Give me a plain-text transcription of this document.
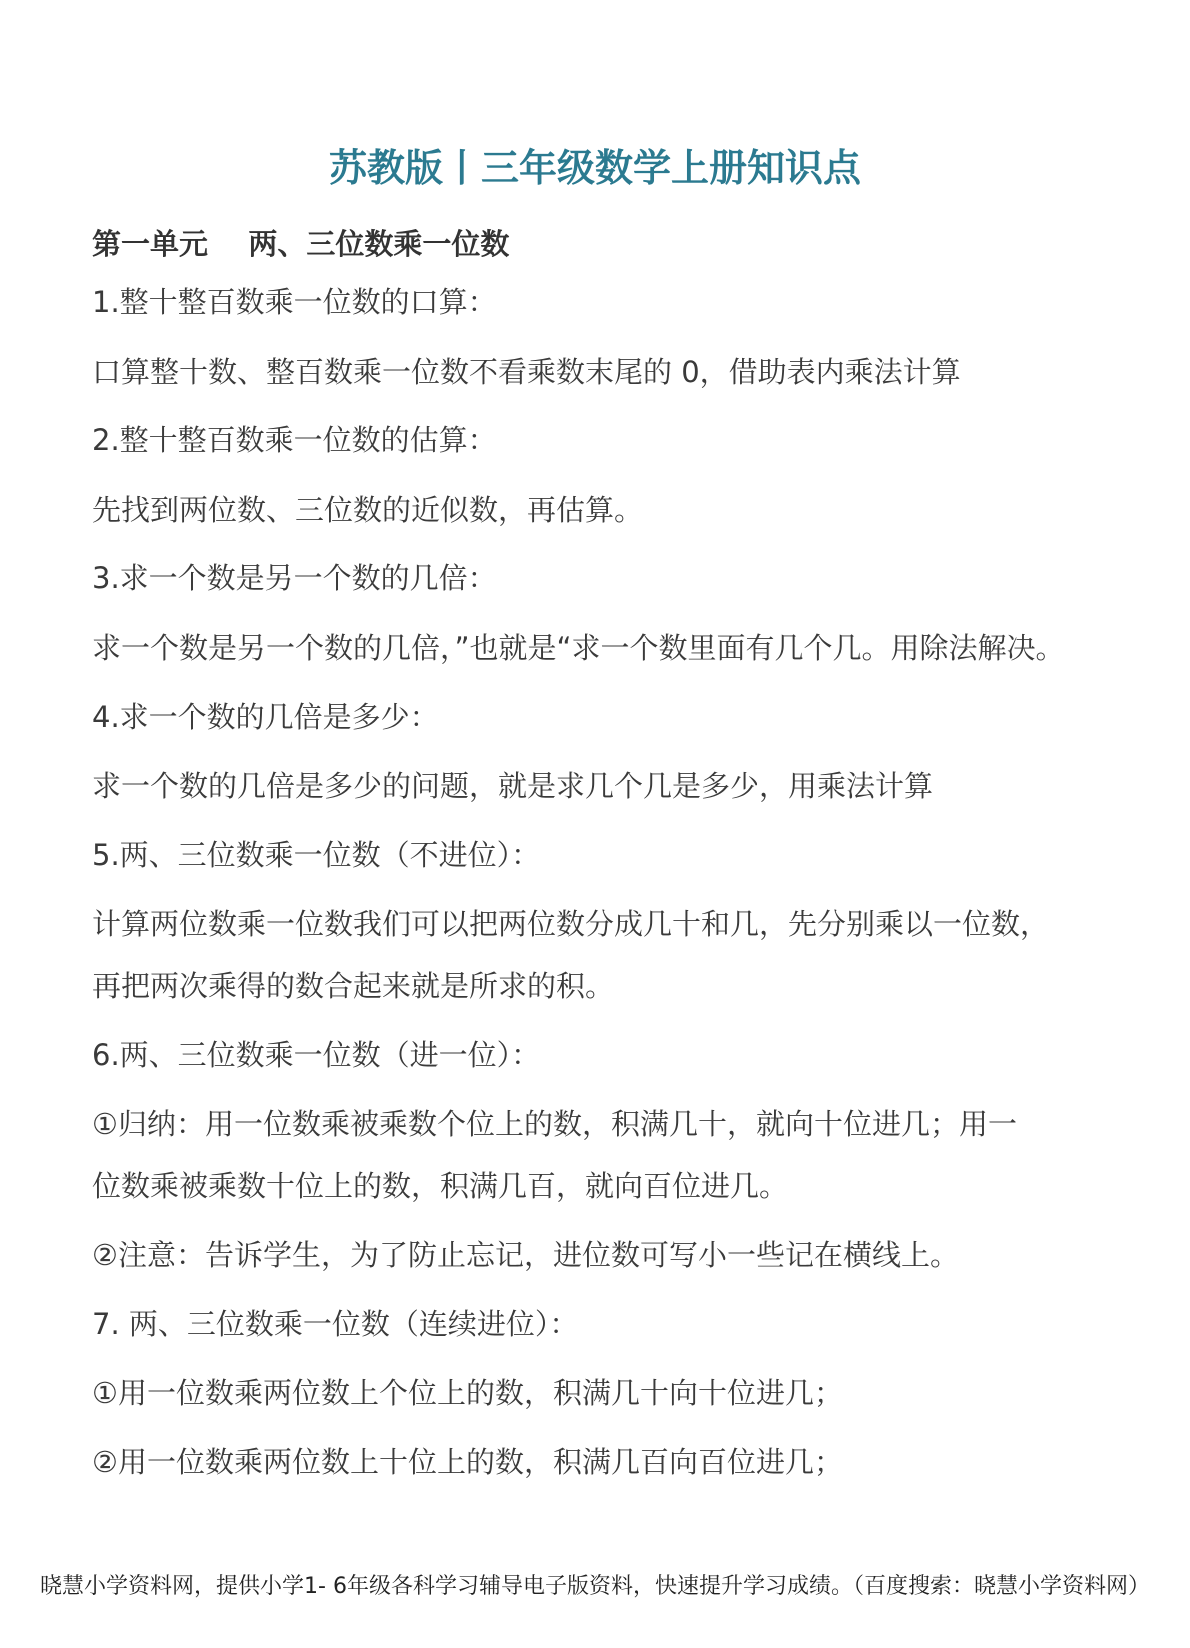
苏教版丨三年级数学上册知识点
第一单元    两、三位数乘一位数
1.整十整百数乘一位数的口算：
口算整十数、整百数乘一位数不看乘数末尾的 0，借助表内乘法计算
2.整十整百数乘一位数的估算：
先找到两位数、三位数的近似数，再估算。
3.求一个数是另一个数的几倍：
求一个数是另一个数的几倍，”也就是“求一个数里面有几个几。用除法解决。
4.求一个数的几倍是多少：
求一个数的几倍是多少的问题，就是求几个几是多少，用乘法计算
5.两、三位数乘一位数（不进位）：
计算两位数乘一位数我们可以把两位数分成几十和几，先分别乘以一位数，
再把两次乘得的数合起来就是所求的积。
6.两、三位数乘一位数（进一位）：
①归纳：用一位数乘被乘数个位上的数，积满几十，就向十位进几；用一
位数乘被乘数十位上的数，积满几百，就向百位进几。
②注意：告诉学生，为了防止忘记，进位数可写小一些记在横线上。
7. 两、三位数乘一位数（连续进位）：
①用一位数乘两位数上个位上的数，积满几十向十位进几；
②用一位数乘两位数上十位上的数，积满几百向百位进几；
晓慧小学资料网，提供小学1- 6年级各科学习辅导电子版资料，快速提升学习成绩。（百度搜索：晓慧小学资料网）
